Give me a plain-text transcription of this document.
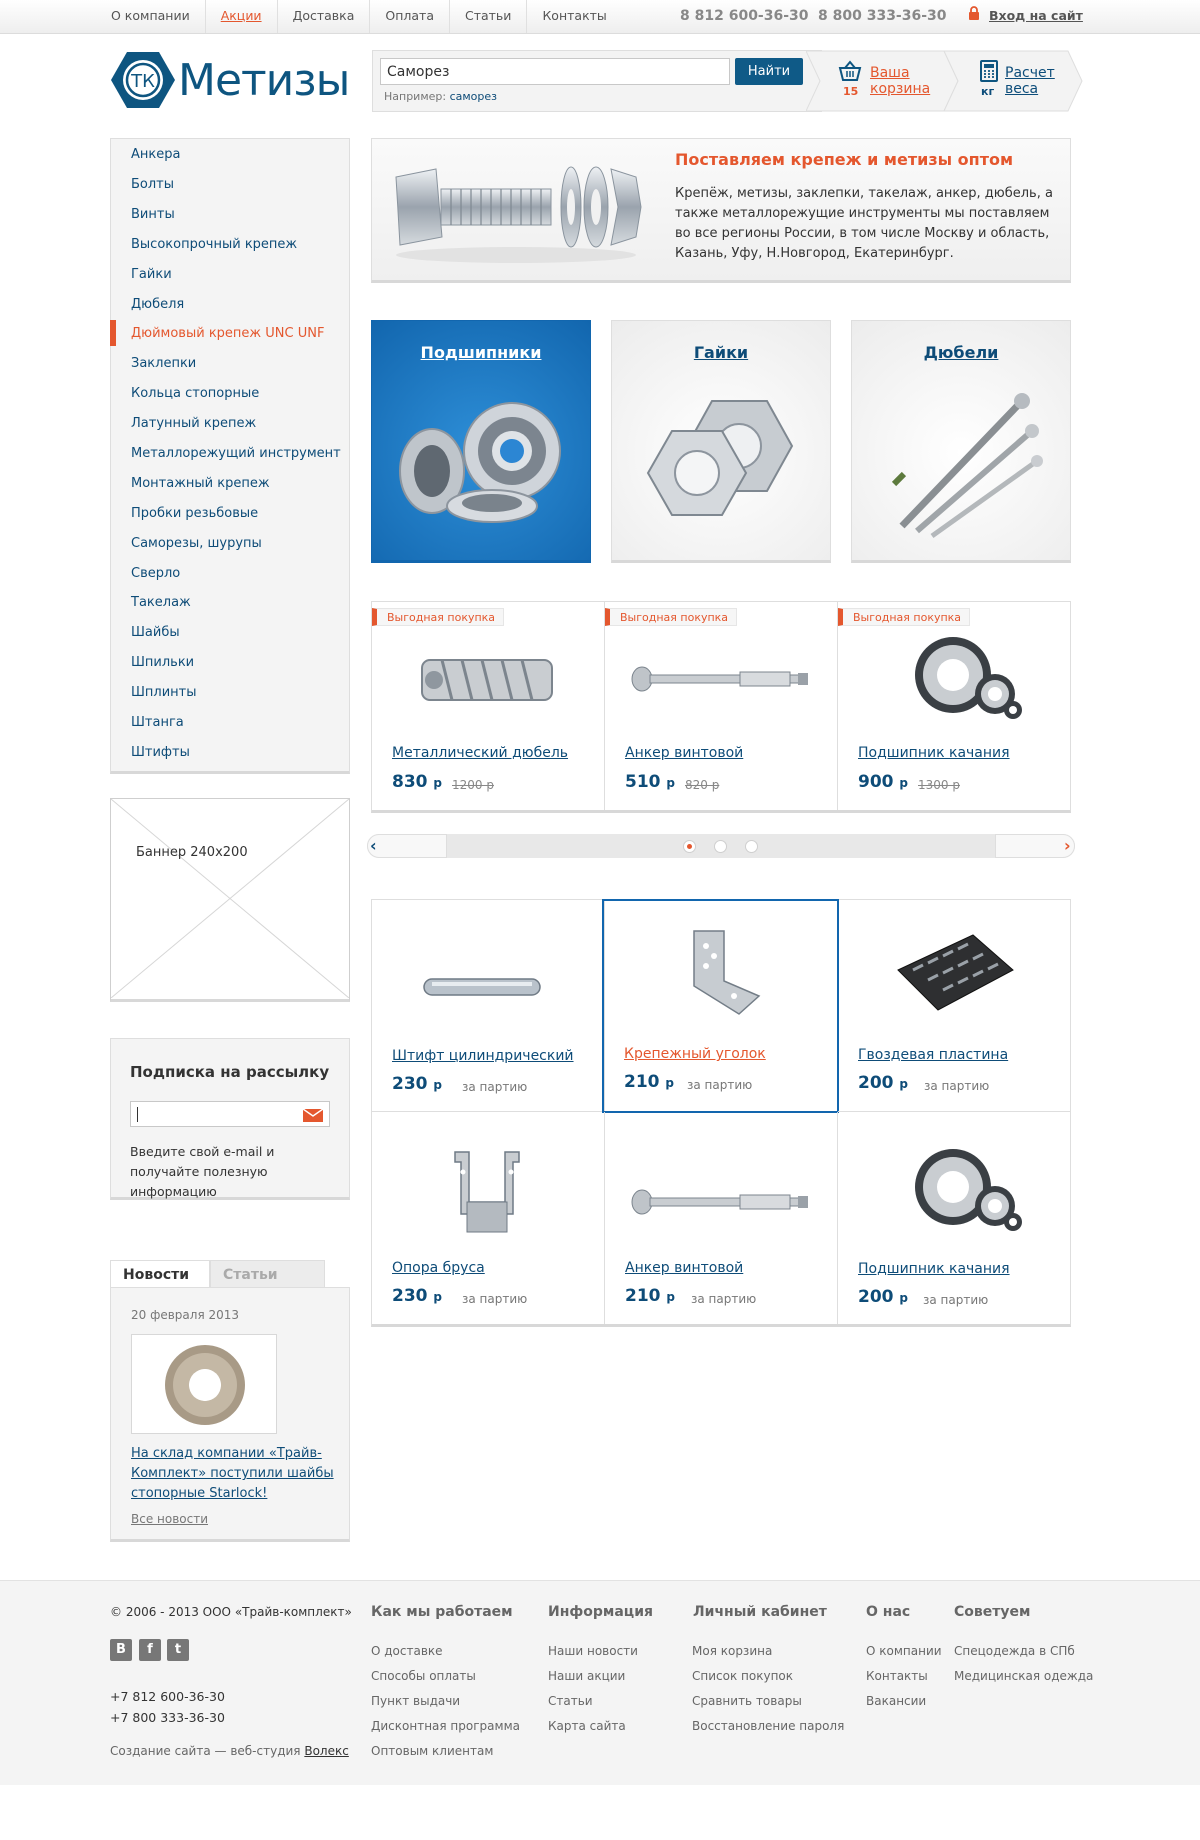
О компании	Акции	Доставка	Оплата	Статьи	Контакты	8 812 600-36-30 8 800 333-36-30	Вход на сайт
ТК Метизы
Саморез	Найти
Например: саморез	15
Ваша корзина	кг
Расчет веса
Анкера
Болты
Винты
Высокопрочный крепеж
Гайки
Дюбеля
Дюймовый крепеж UNC UNF
Заклепки
Кольца стопорные
Латунный крепеж
Металлорежущий инструмент
Монтажный крепеж
Пробки резьбовые
Саморезы, шурупы
Сверло
Такелаж
Шайбы
Шпильки
Шплинты
Штанга
Штифты
Баннер 240х200
Подписка на рассылку
Введите свой e-mail и получайте полезную информацию
Статьи
Новости
20 февраля 2013
На склад компании «Трайв-Комплект» поступили шайбы стопорные Starlock!
Все новости
Поставляем крепеж и метизы оптом
Крепёж, метизы, заклепки, такелаж, анкер, дюбель, а также металлорежущие инструменты мы поставляем во все регионы России, в том числе Москву и область, Казань, Уфу, Н.Новгород, Екатеринбург.
Подшипники	Гайки	Дюбели
Выгодная покупка
Металлический дюбель
830 р 1200 р
Выгодная покупка
Анкер винтовой
510 р 820 р
Выгодная покупка
Подшипник качания
900 р 1300 р
‹	›
Штифт цилиндрический
230 р за партию
Крепежный уголок
210 р за партию
Гвоздевая пластина
200 р за партию
Опора бруса
230 р за партию
Анкер винтовой
210 р за партию
Подшипник качания
200 р за партию
© 2006 - 2013 ООО «Трайв-комплект»
В	f	t
+7 812 600-36-30
+7 800 333-36-30
Создание сайта — веб-студия Волекс
Как мы работаем
О доставке
Способы оплаты
Пункт выдачи
Дисконтная программа
Оптовым клиентам
Информация
Наши новости
Наши акции
Статьи
Карта сайта
Личный кабинет
Моя корзина
Список покупок
Сравнить товары
Восстановление пароля
О нас
О компании
Контакты
Вакансии
Советуем
Спецодежда в СПб
Медицинская одежда
